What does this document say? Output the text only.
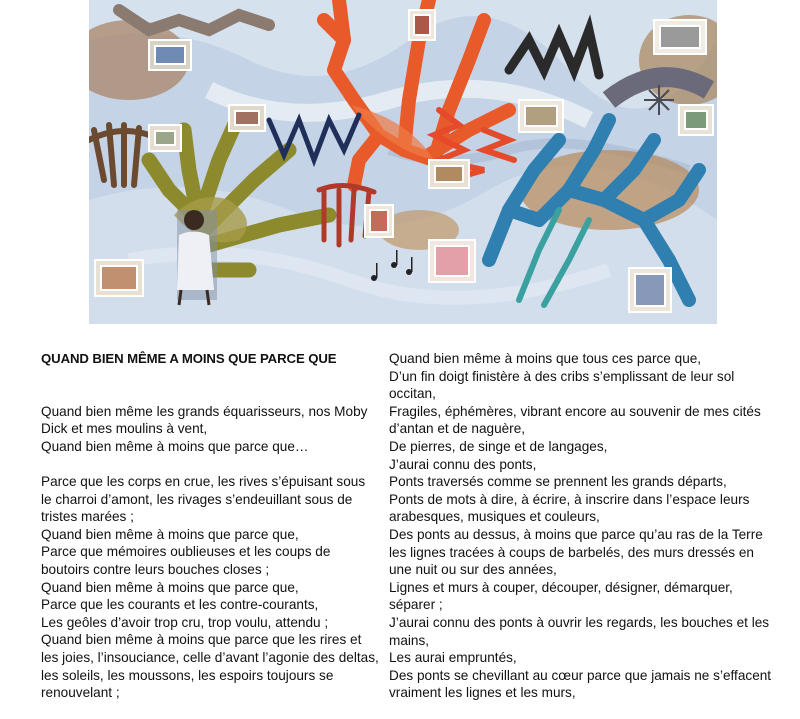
QUAND BIEN MÊME A MOINS QUE PARCE QUE
Quand bien même les grands équarisseurs, nos Moby Dick et mes moulins à vent,
Quand bien même à moins que parce que…
Parce que les corps en crue, les rives s’épuisant sous le charroi d’amont, les rivages s’endeuillant sous de tristes marées ;
Quand bien même à moins que parce que,
Parce que mémoires oublieuses et les coups de boutoirs contre leurs bouches closes ;
Quand bien même à moins que parce que,
Parce que les courants et les contre-courants,
Les geôles d’avoir trop cru, trop voulu, attendu ;
Quand bien même à moins que parce que les rires et les joies, l’insouciance, celle d’avant l’agonie des deltas, les soleils, les moussons, les espoirs toujours se renouvelant ;
Quand bien même à moins que tous ces parce que,
D’un fin doigt finistère à des cribs s’emplissant de leur sol occitan,
Fragiles, éphémères, vibrant encore au souvenir de mes cités d’antan et de naguère,
De pierres, de singe et de langages,
J’aurai connu des ponts,
Ponts traversés comme se prennent les grands départs,
Ponts de mots à dire, à écrire, à inscrire dans l’espace leurs arabesques, musiques et couleurs,
Des ponts au dessus, à moins que parce qu’au ras de la Terre les lignes tracées à coups de barbelés, des murs dressés en une nuit ou sur des années,
Lignes et murs à couper, découper, désigner, démarquer, séparer ;
J’aurai connu des ponts à ouvrir les regards, les bouches et les mains,
Les aurai empruntés,
Des ponts se chevillant au cœur parce que jamais ne s’effacent vraiment les lignes et les murs,
